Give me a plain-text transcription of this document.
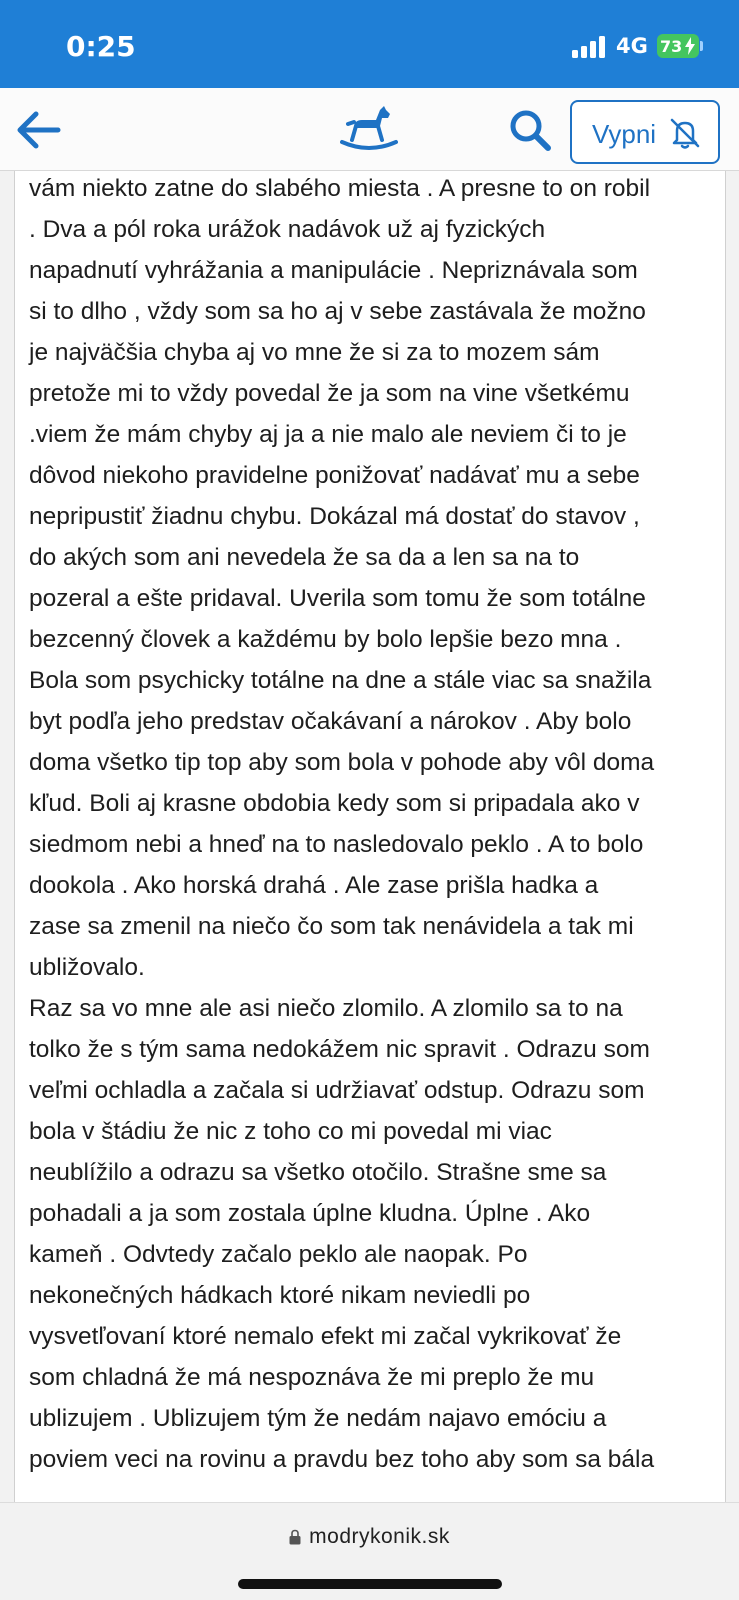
0:25	4G 73
Vypni
vám niekto zatne do slabého miesta . A presne to on robil
. Dva a pól roka urážok nadávok už aj fyzických
napadnutí vyhrážania a manipulácie . Nepriznávala som
si to dlho , vždy som sa ho aj v sebe zastávala že možno
je najväčšia chyba aj vo mne že si za to mozem sám
pretože mi to vždy povedal že ja som na vine všetkému
.viem že mám chyby aj ja a nie malo ale neviem či to je
dôvod niekoho pravidelne ponižovať nadávať mu a sebe
nepripustiť žiadnu chybu. Dokázal má dostať do stavov ,
do akých som ani nevedela že sa da a len sa na to
pozeral a ešte pridaval. Uverila som tomu že som totálne
bezcenný človek a každému by bolo lepšie bezo mna .
Bola som psychicky totálne na dne a stále viac sa snažila
byt podľa jeho predstav očakávaní a nárokov . Aby bolo
doma všetko tip top aby som bola v pohode aby vôl doma
kľud. Boli aj krasne obdobia kedy som si pripadala ako v
siedmom nebi a hneď na to nasledovalo peklo . A to bolo
dookola . Ako horská drahá . Ale zase prišla hadka a
zase sa zmenil na niečo čo som tak nenávidela a tak mi
ubližovalo.
Raz sa vo mne ale asi niečo zlomilo. A zlomilo sa to na
tolko že s tým sama nedokážem nic spravit . Odrazu som
veľmi ochladla a začala si udržiavať odstup. Odrazu som
bola v štádiu že nic z toho co mi povedal mi viac
neublížilo a odrazu sa všetko otočilo. Strašne sme sa
pohadali a ja som zostala úplne kludna. Úplne . Ako
kameň . Odvtedy začalo peklo ale naopak. Po
nekonečných hádkach ktoré nikam neviedli po
vysvetľovaní ktoré nemalo efekt mi začal vykrikovať že
som chladná že má nespoznáva že mi preplo že mu
ublizujem . Ublizujem tým že nedám najavo emóciu a
poviem veci na rovinu a pravdu bez toho aby som sa bála
modrykonik.sk
